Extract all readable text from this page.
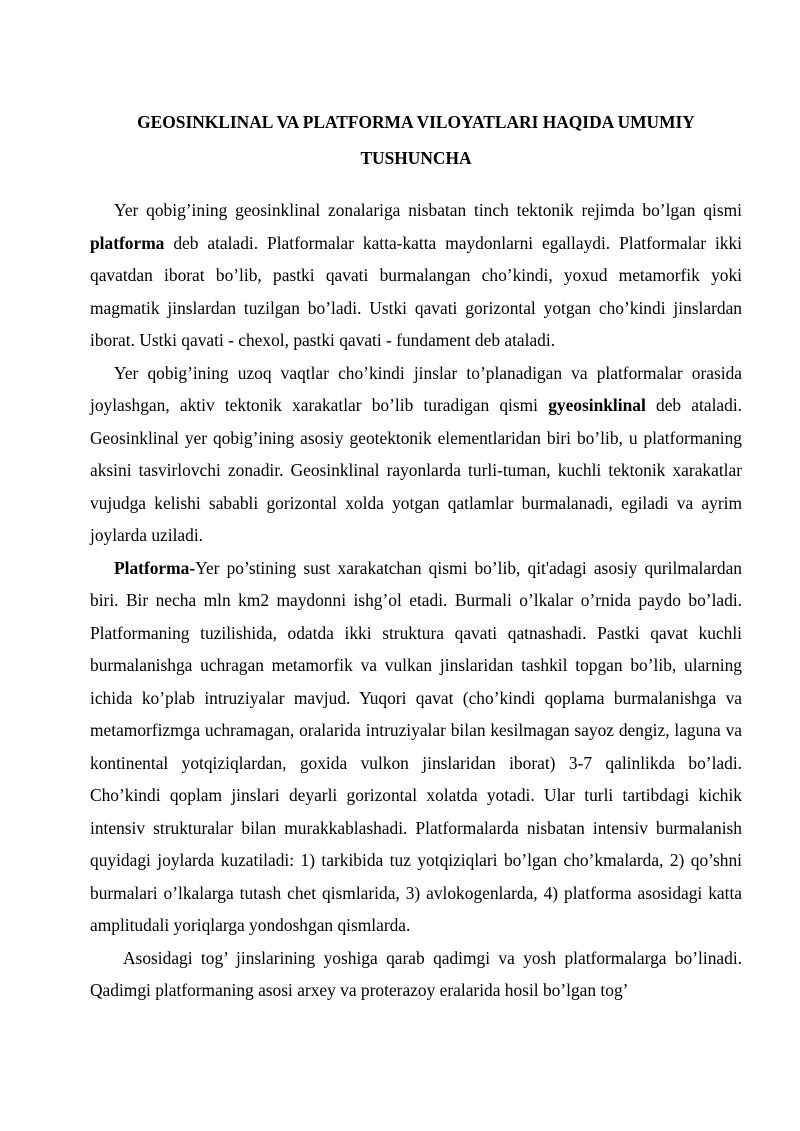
GEOSINKLINAL VA PLATFORMA VILOYATLARI HAQIDA UMUMIY
TUSHUNCHA

Yer qobig’ining geosinklinal zonalariga nisbatan tinch tektonik rejimda bo’lgan qismi platforma deb ataladi. Platformalar katta-katta maydonlarni egallaydi. Platformalar ikki qavatdan iborat bo’lib, pastki qavati burmalangan cho’kindi, yoxud metamorfik yoki magmatik jinslardan tuzilgan bo’ladi. Ustki qavati gorizontal yotgan cho’kindi jinslardan iborat. Ustki qavati - chexol, pastki qavati - fundament deb ataladi.

Yer qobig’ining uzoq vaqtlar cho’kindi jinslar to’planadigan va platformalar orasida joylashgan, aktiv tektonik xarakatlar bo’lib turadigan qismi gyeosinklinal deb ataladi. Geosinklinal yer qobig’ining asosiy geotektonik elementlaridan biri bo’lib, u platformaning aksini tasvirlovchi zonadir. Geosinklinal rayonlarda turli-tuman, kuchli tektonik xarakatlar vujudga kelishi sababli gorizontal xolda yotgan qatlamlar burmalanadi, egiladi va ayrim joylarda uziladi.

Platforma-Yer po’stining sust xarakatchan qismi bo’lib, qit'adagi asosiy qurilmalardan biri. Bir necha mln km2 maydonni ishg’ol etadi. Burmali o’lkalar o’rnida paydo bo’ladi. Platformaning tuzilishida, odatda ikki struktura qavati qatnashadi. Pastki qavat kuchli burmalanishga uchragan metamorfik va vulkan jinslaridan tashkil topgan bo’lib, ularning ichida ko’plab intruziyalar mavjud. Yuqori qavat (cho’kindi qoplama burmalanishga va metamorfizmga uchramagan, oralarida intruziyalar bilan kesilmagan sayoz dengiz, laguna va kontinental yotqiziqlardan, goxida vulkon jinslaridan iborat) 3-7 qalinlikda bo’ladi. Cho’kindi qoplam jinslari deyarli gorizontal xolatda yotadi. Ular turli tartibdagi kichik intensiv strukturalar bilan murakkablashadi. Platformalarda nisbatan intensiv burmalanish quyidagi joylarda kuzatiladi: 1) tarkibida tuz yotqiziqlari bo’lgan cho’kmalarda, 2) qo’shni burmalari o’lkalarga tutash chet qismlarida, 3) avlokogenlarda, 4) platforma asosidagi katta amplitudali yoriqlarga yondoshgan qismlarda.

Asosidagi tog’ jinslarining yoshiga qarab qadimgi va yosh platformalarga bo’linadi. Qadimgi platformaning asosi arxey va proterazoy eralarida hosil bo’lgan tog’
